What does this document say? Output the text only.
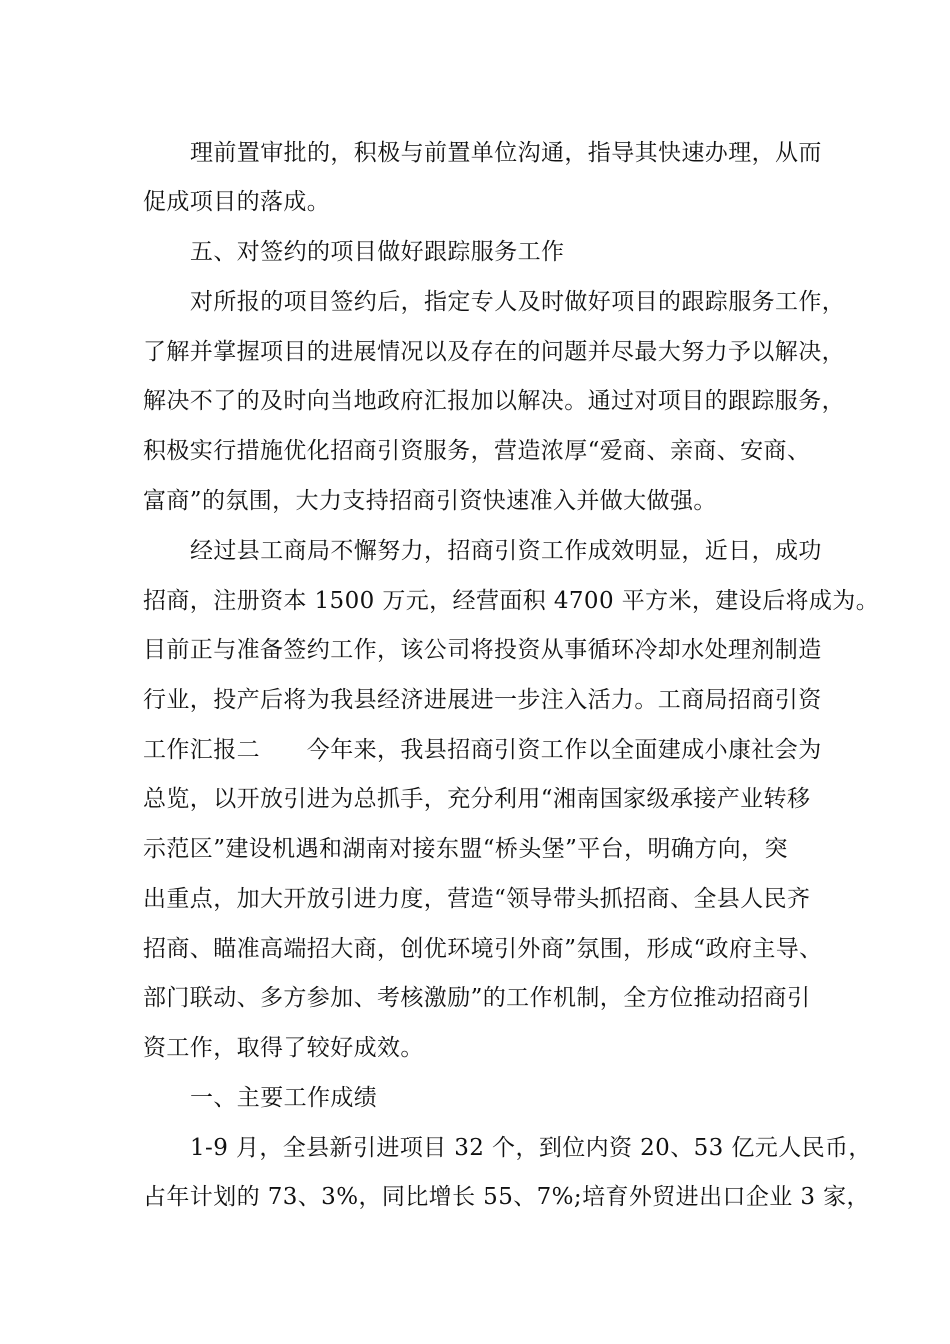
理前置审批的，积极与前置单位沟通，指导其快速办理，从而
促成项目的落成。
五、对签约的项目做好跟踪服务工作
对所报的项目签约后，指定专人及时做好项目的跟踪服务工作，
了解并掌握项目的进展情况以及存在的问题并尽最大努力予以解决，
解决不了的及时向当地政府汇报加以解决。通过对项目的跟踪服务，
积极实行措施优化招商引资服务，营造浓厚“爱商、亲商、安商、
富商”的氛围，大力支持招商引资快速准入并做大做强。
经过县工商局不懈努力，招商引资工作成效明显，近日，成功
招商，注册资本 1500 万元，经营面积 4700 平方米，建设后将成为。
目前正与准备签约工作，该公司将投资从事循环冷却水处理剂制造
行业，投产后将为我县经济进展进一步注入活力。工商局招商引资
工作汇报二　　今年来，我县招商引资工作以全面建成小康社会为
总览，以开放引进为总抓手，充分利用“湘南国家级承接产业转移
示范区”建设机遇和湖南对接东盟“桥头堡”平台，明确方向，突
出重点，加大开放引进力度，营造“领导带头抓招商、全县人民齐
招商、瞄准高端招大商，创优环境引外商”氛围，形成“政府主导、
部门联动、多方参加、考核激励”的工作机制，全方位推动招商引
资工作，取得了较好成效。
一、主要工作成绩
1-9 月，全县新引进项目 32 个，到位内资 20、53 亿元人民币，
占年计划的 73、3%，同比增长 55、7%;培育外贸进出口企业 3 家，
